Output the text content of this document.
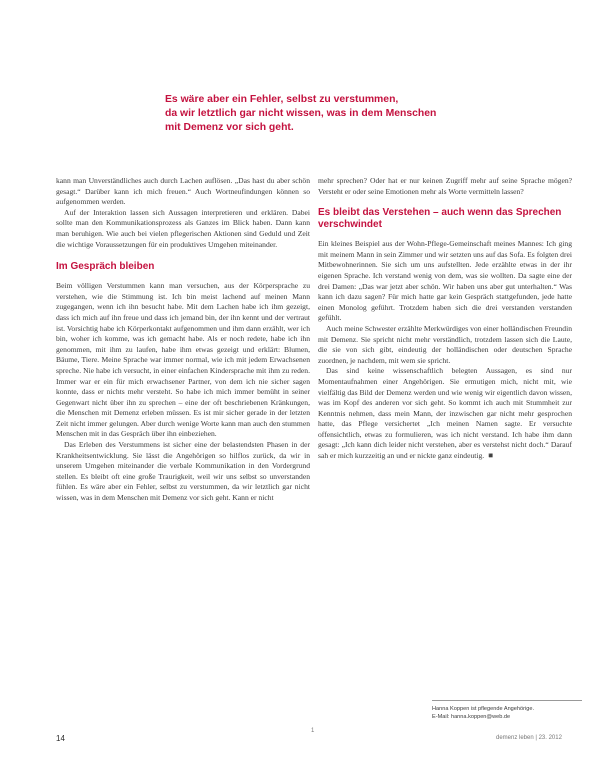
Es wäre aber ein Fehler, selbst zu verstummen,
da wir letztlich gar nicht wissen, was in dem Menschen
mit Demenz vor sich geht.

kann man Unverständliches auch durch Lachen auflösen. „Das hast du aber schön gesagt.“ Darüber kann ich mich freuen.“ Auch Wortneufindungen können so aufgenommen werden.

Auf der Interaktion lassen sich Aussagen interpretieren und erklären. Dabei sollte man den Kommunikationsprozess als Ganzes im Blick haben. Dann kann man beruhigen. Wie auch bei vielen pflegerischen Aktionen sind Geduld und Zeit die wichtige Voraussetzungen für ein produktives Umgehen miteinander.

Im Gespräch bleiben

Beim völligen Verstummen kann man versuchen, aus der Körpersprache zu verstehen, wie die Stimmung ist. Ich bin meist lachend auf meinen Mann zugegangen, wenn ich ihn besucht habe. Mit dem Lachen habe ich ihm gezeigt, dass ich mich auf ihn freue und dass ich jemand bin, der ihn kennt und der vertraut ist. Vorsichtig habe ich Körperkontakt aufgenommen und ihm dann erzählt, wer ich bin, woher ich komme, was ich gemacht habe. Als er noch redete, habe ich ihn genommen, mit ihm zu laufen, habe ihm etwas gezeigt und erklärt: Blumen, Bäume, Tiere. Meine Sprache war immer normal, wie ich mit jedem Erwachsenen spreche. Nie habe ich versucht, in einer einfachen Kindersprache mit ihm zu reden. Immer war er ein für mich erwachsener Partner, von dem ich nie sicher sagen konnte, dass er nichts mehr versteht. So habe ich mich immer bemüht in seiner Gegenwart nicht über ihn zu sprechen – eine der oft beschriebenen Kränkungen, die Menschen mit Demenz erleben müssen. Es ist mir sicher gerade in der letzten Zeit nicht immer gelungen. Aber durch wenige Worte kann man auch den stummen Menschen mit in das Gespräch über ihn einbeziehen.

Das Erleben des Verstummens ist sicher eine der belastendsten Phasen in der Krankheitsentwicklung. Sie lässt die Angehörigen so hilflos zurück, da wir in unserem Umgehen miteinander die verbale Kommunikation in den Vordergrund stellen. Es bleibt oft eine große Traurigkeit, weil wir uns selbst so unverstanden fühlen. Es wäre aber ein Fehler, selbst zu verstummen, da wir letztlich gar nicht wissen, was in dem Menschen mit Demenz vor sich geht. Kann er nicht

mehr sprechen? Oder hat er nur keinen Zugriff mehr auf seine Sprache mögen? Versteht er oder seine Emotionen mehr als Worte vermitteln lassen?

Es bleibt das Verstehen – auch wenn das Sprechen verschwindet

Ein kleines Beispiel aus der Wohn-Pflege-Gemeinschaft meines Mannes: Ich ging mit meinem Mann in sein Zimmer und wir setzten uns auf das Sofa. Es folgten drei Mitbewohnerinnen. Sie sich um uns aufstellten. Jede erzählte etwas in der ihr eigenen Sprache. Ich verstand wenig von dem, was sie wollten. Da sagte eine der drei Damen: „Das war jetzt aber schön. Wir haben uns aber gut unterhalten.“ Was kann ich dazu sagen? Für mich hatte gar kein Gespräch stattgefunden, jede hatte einen Monolog geführt. Trotzdem haben sich die drei verstanden verstanden gefühlt.

Auch meine Schwester erzählte Merkwürdiges von einer holländischen Freundin mit Demenz. Sie spricht nicht mehr verständlich, trotzdem lassen sich die Laute, die sie von sich gibt, eindeutig der holländischen oder deutschen Sprache zuordnen, je nachdem, mit wem sie spricht.

Das sind keine wissenschaftlich belegten Aussagen, es sind nur Momentaufnahmen einer Angehörigen. Sie ermutigen mich, nicht mit, wie vielfältig das Bild der Demenz werden und wie wenig wir eigentlich davon wissen, was im Kopf des anderen vor sich geht. So kommt ich auch mit Stummheit zur Kenntnis nehmen, dass mein Mann, der inzwischen gar nicht mehr gesprochen hatte, das Pflege versichertet „Ich meinen Namen sagte. Er versuchte offensichtlich, etwas zu formulieren, was ich nicht verstand. Ich habe ihm dann gesagt: „Ich kann dich leider nicht verstehen, aber es verstehst nicht doch.“ Darauf sah er mich kurzzeitig an und er nickte ganz eindeutig. ◾

Hanna Koppen ist pflegende Angehörige.
E-Mail: hanna.koppen@web.de
1
14	demenz leben | 23. 2012
